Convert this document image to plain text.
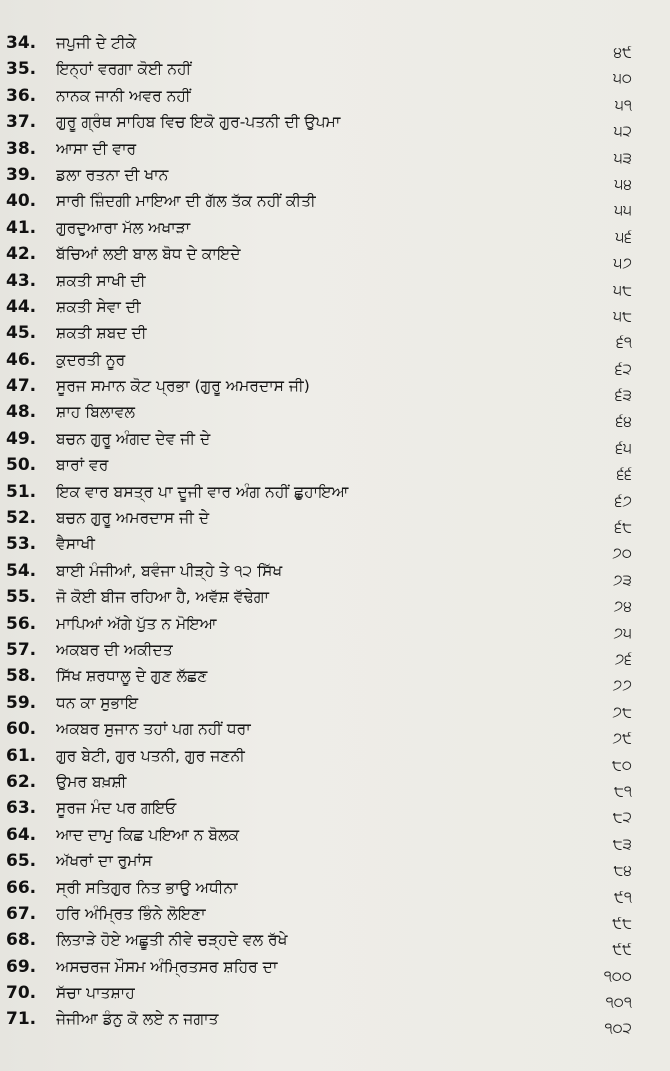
34.	ਜਪੁਜੀ ਦੇ ਟੀਕੇ	੪੯
35.	ਇਨ੍ਹਾਂ ਵਰਗਾ ਕੋਈ ਨਹੀਂ	੫੦
36.	ਨਾਨਕ ਜਾਨੀ ਅਵਰ ਨਹੀਂ	੫੧
37.	ਗੁਰੂ ਗ੍ਰੰਥ ਸਾਹਿਬ ਵਿਚ ਇਕੋ ਗੁਰ-ਪਤਨੀ ਦੀ ਉਪਮਾ	੫੨
38.	ਆਸਾ ਦੀ ਵਾਰ	੫੩
39.	ਡਲਾ ਰਤਨਾ ਦੀ ਖਾਨ	੫੪
40.	ਸਾਰੀ ਜ਼ਿੰਦਗੀ ਮਾਇਆ ਦੀ ਗੱਲ ਤੱਕ ਨਹੀਂ ਕੀਤੀ	੫੫
41.	ਗੁਰਦੁਆਰਾ ਮੱਲ ਅਖਾੜਾ	੫੬
42.	ਬੱਚਿਆਂ ਲਈ ਬਾਲ ਬੋਧ ਦੇ ਕਾਇਦੇ	੫੭
43.	ਸ਼ਕਤੀ ਸਾਖੀ ਦੀ	੫੮
44.	ਸ਼ਕਤੀ ਸੇਵਾ ਦੀ	੫੮
45.	ਸ਼ਕਤੀ ਸ਼ਬਦ ਦੀ	੬੧
46.	ਕੁਦਰਤੀ ਨੂਰ	੬੨
47.	ਸੂਰਜ ਸਮਾਨ ਕੋਟ ਪ੍ਰਭਾ (ਗੁਰੂ ਅਮਰਦਾਸ ਜੀ)	੬੩
48.	ਸ਼ਾਹ ਬਿਲਾਵਲ	੬੪
49.	ਬਚਨ ਗੁਰੂ ਅੰਗਦ ਦੇਵ ਜੀ ਦੇ	੬੫
50.	ਬਾਰਾਂ ਵਰ	੬੬
51.	ਇਕ ਵਾਰ ਬਸਤ੍ਰ ਪਾ ਦੂਜੀ ਵਾਰ ਅੰਗ ਨਹੀਂ ਛੁਹਾਇਆ	੬੭
52.	ਬਚਨ ਗੁਰੂ ਅਮਰਦਾਸ ਜੀ ਦੇ	੬੮
53.	ਵੈਸਾਖੀ	੭੦
54.	ਬਾਈ ਮੰਜੀਆਂ, ਬਵੰਜਾ ਪੀੜ੍ਹੇ ਤੇ ੧੨ ਸਿੱਖ	੭੩
55.	ਜੋ ਕੋਈ ਬੀਜ ਰਹਿਆ ਹੈ, ਅਵੱਸ਼ ਵੱਢੇਗਾ	੭੪
56.	ਮਾਪਿਆਂ ਅੱਗੇ ਪੁੱਤ ਨ ਮੋਇਆ	੭੫
57.	ਅਕਬਰ ਦੀ ਅਕੀਦਤ	੭੬
58.	ਸਿੱਖ ਸ਼ਰਧਾਲੂ ਦੇ ਗੁਣ ਲੱਛਣ	੭੭
59.	ਧਨ ਕਾ ਸੁਭਾਇ	੭੮
60.	ਅਕਬਰ ਸੁਜਾਨ ਤਹਾਂ ਪਗ ਨਹੀਂ ਧਰਾ	੭੯
61.	ਗੁਰ ਬੇਟੀ, ਗੁਰ ਪਤਨੀ, ਗੁਰ ਜਣਨੀ	੮੦
62.	ਉਮਰ ਬਖ਼ਸ਼ੀ	੮੧
63.	ਸੂਰਜ ਮੰਦ ਪਰ ਗਇਓ	੮੨
64.	ਆਦ ਦਾਮੁ ਕਿਛ ਪਇਆ ਨ ਬੋਲਕ	੮੩
65.	ਅੱਖਰਾਂ ਦਾ ਰੁਮਾਂਸ	੮੪
66.	ਸ੍ਰੀ ਸਤਿਗੁਰ ਨਿਤ ਭਾਉ ਅਧੀਨਾ	੯੧
67.	ਹਰਿ ਅੰਮ੍ਰਿਤ ਭਿੰਨੇ ਲੋਇਣਾ	੯੮
68.	ਲਿਤਾੜੇ ਹੋਏ ਅਛੂਤੀ ਨੀਵੇ ਚੜ੍ਹਦੇ ਵਲ ਰੱਖੇ	੯੯
69.	ਅਸਚਰਜ ਮੌਸਮ ਅੰਮ੍ਰਿਤਸਰ ਸ਼ਹਿਰ ਦਾ	੧੦੦
70.	ਸੱਚਾ ਪਾਤਸ਼ਾਹ	੧੦੧
71.	ਜੇਜੀਆ ਡੰਨੁ ਕੋ ਲਏ ਨ ਜਗਾਤ	੧੦੨
